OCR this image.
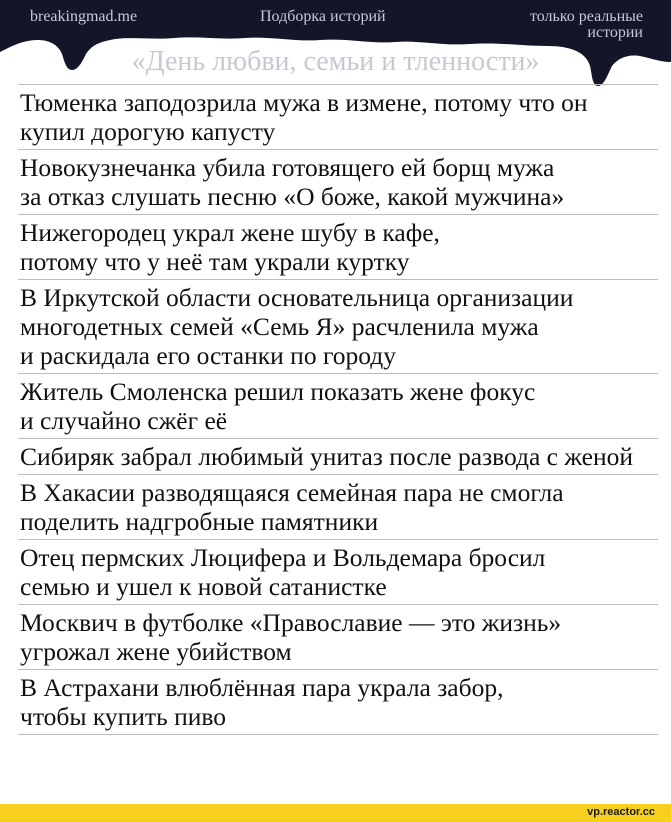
breakingmad.me	Подборка историй	только реальные
истории
«День любви, семьи и тленности»
Тюменка заподозрила мужа в измене, потому что он
купил дорогую капусту
Новокузнечанка убила готовящего ей борщ мужа
за отказ слушать песню «О боже, какой мужчина»
Нижегородец украл жене шубу в кафе,
потому что у неё там украли куртку
В Иркутской области основательница организации
многодетных семей «Семь Я» расчленила мужа
и раскидала его останки по городу
Житель Смоленска решил показать жене фокус
и случайно сжёг её
Сибиряк забрал любимый унитаз после развода с женой
В Хакасии разводящаяся семейная пара не смогла
поделить надгробные памятники
Отец пермских Люцифера и Вольдемара бросил
семью и ушел к новой сатанистке
Москвич в футболке «Православие — это жизнь»
угрожал жене убийством
В Астрахани влюблённая пара украла забор,
чтобы купить пиво
vp.reactor.cc
